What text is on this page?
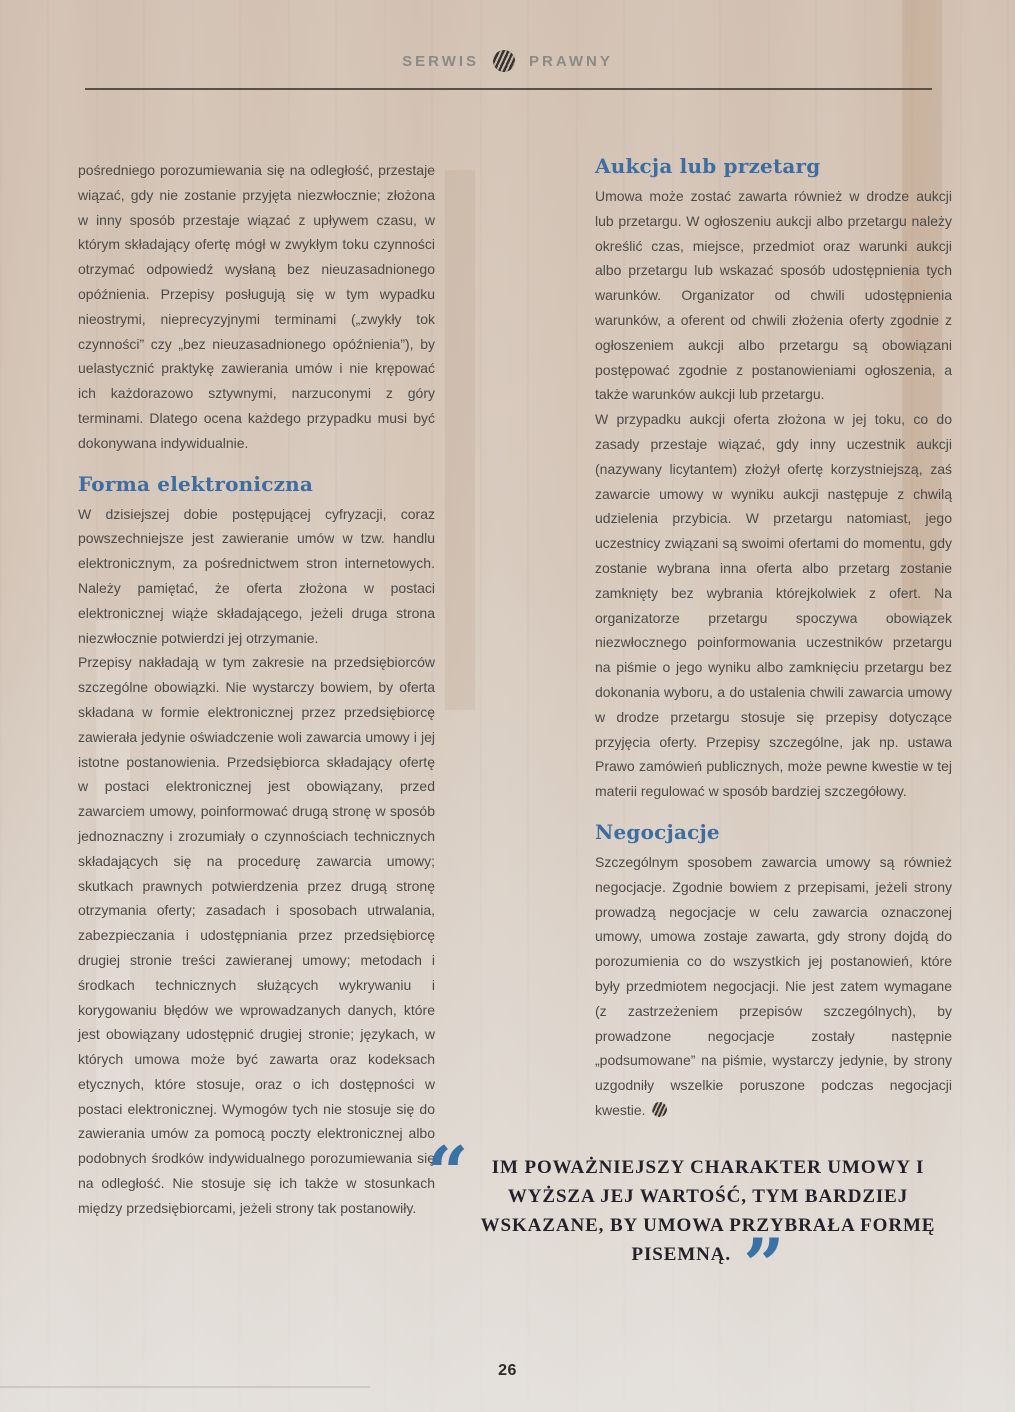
SERWIS	PRAWNY

pośredniego porozumiewania się na odległość, przestaje wiązać, gdy nie zostanie przyjęta niezwłocznie; złożona w inny sposób przestaje wiązać z upływem czasu, w którym składający ofertę mógł w zwykłym toku czynności otrzymać odpowiedź wysłaną bez nieuzasadnionego opóźnienia. Przepisy posługują się w tym wypadku nieostrymi, nieprecyzyjnymi terminami („zwykły tok czynności” czy „bez nieuzasadnionego opóźnienia”), by uelastycznić praktykę zawierania umów i nie krępować ich każdorazowo sztywnymi, narzuconymi z góry terminami. Dlatego ocena każdego przypadku musi być dokonywana indywidualnie.

Forma elektroniczna

W dzisiejszej dobie postępującej cyfryzacji, coraz powszechniejsze jest zawieranie umów w tzw. handlu elektronicznym, za pośrednictwem stron internetowych. Należy pamiętać, że oferta złożona w postaci elektronicznej wiąże składającego, jeżeli druga strona niezwłocznie potwierdzi jej otrzymanie.

Przepisy nakładają w tym zakresie na przedsiębiorców szczególne obowiązki. Nie wystarczy bowiem, by oferta składana w formie elektronicznej przez przedsiębiorcę zawierała jedynie oświadczenie woli zawarcia umowy i jej istotne postanowienia. Przedsiębiorca składający ofertę w postaci elektronicznej jest obowiązany, przed zawarciem umowy, poinformować drugą stronę w sposób jednoznaczny i zrozumiały o czynnościach technicznych składających się na procedurę zawarcia umowy; skutkach prawnych potwierdzenia przez drugą stronę otrzymania oferty; zasadach i sposobach utrwalania, zabezpieczania i udostępniania przez przedsiębiorcę drugiej stronie treści zawieranej umowy; metodach i środkach technicznych służących wykrywaniu i korygowaniu błędów we wprowadzanych danych, które jest obowiązany udostępnić drugiej stronie; językach, w których umowa może być zawarta oraz kodeksach etycznych, które stosuje, oraz o ich dostępności w postaci elektronicznej. Wymogów tych nie stosuje się do zawierania umów za pomocą poczty elektronicznej albo podobnych środków indywidualnego porozumiewania się na odległość. Nie stosuje się ich także w stosunkach między przedsiębiorcami, jeżeli strony tak postanowiły.

Aukcja lub przetarg

Umowa może zostać zawarta również w drodze aukcji lub przetargu. W ogłoszeniu aukcji albo przetargu należy określić czas, miejsce, przedmiot oraz warunki aukcji albo przetargu lub wskazać sposób udostępnienia tych warunków. Organizator od chwili udostępnienia warunków, a oferent od chwili złożenia oferty zgodnie z ogłoszeniem aukcji albo przetargu są obowiązani postępować zgodnie z postanowieniami ogłoszenia, a także warunków aukcji lub przetargu.

W przypadku aukcji oferta złożona w jej toku, co do zasady przestaje wiązać, gdy inny uczestnik aukcji (nazywany licytantem) złożył ofertę korzystniejszą, zaś zawarcie umowy w wyniku aukcji następuje z chwilą udzielenia przybicia. W przetargu natomiast, jego uczestnicy związani są swoimi ofertami do momentu, gdy zostanie wybrana inna oferta albo przetarg zostanie zamknięty bez wybrania którejkolwiek z ofert. Na organizatorze przetargu spoczywa obowiązek niezwłocznego poinformowania uczestników przetargu na piśmie o jego wyniku albo zamknięciu przetargu bez dokonania wyboru, a do ustalenia chwili zawarcia umowy w drodze przetargu stosuje się przepisy dotyczące przyjęcia oferty. Przepisy szczególne, jak np. ustawa Prawo zamówień publicznych, może pewne kwestie w tej materii regulować w sposób bardziej szczegółowy.

Negocjacje

Szczególnym sposobem zawarcia umowy są również negocjacje. Zgodnie bowiem z przepisami, jeżeli strony prowadzą negocjacje w celu zawarcia oznaczonej umowy, umowa zostaje zawarta, gdy strony dojdą do porozumienia co do wszystkich jej postanowień, które były przedmiotem negocjacji. Nie jest zatem wymagane (z zastrzeżeniem przepisów szczególnych), by prowadzone negocjacje zostały następnie „podsumowane” na piśmie, wystarczy jedynie, by strony uzgodniły wszelkie poruszone podczas negocjacji kwestie.

“ IM POWAŻNIEJSZY CHARAKTER UMOWY I WYŻSZA JEJ WARTOŚĆ, TYM BARDZIEJ WSKAZANE, BY UMOWA PRZYBRAŁA FORMĘ PISEMNĄ. ”
26
